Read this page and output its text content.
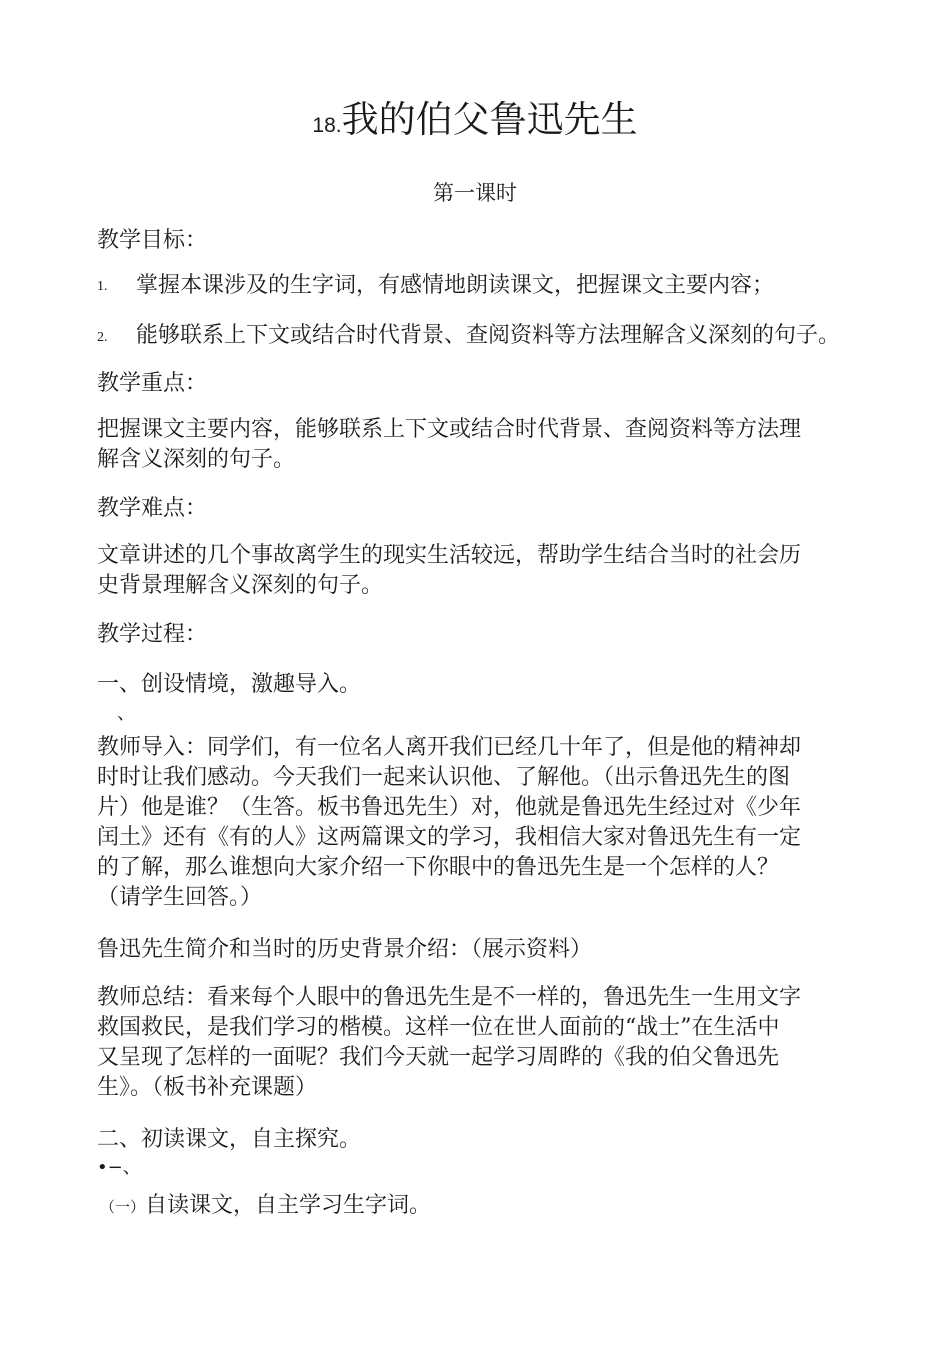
18.我的伯父鲁迅先生
第一课时
教学目标：
1. 掌握本课涉及的生字词，有感情地朗读课文，把握课文主要内容；
2. 能够联系上下文或结合时代背景、查阅资料等方法理解含义深刻的句子。
教学重点：
把握课文主要内容，能够联系上下文或结合时代背景、查阅资料等方法理
解含义深刻的句子。
教学难点：
文章讲述的几个事故离学生的现实生活较远，帮助学生结合当时的社会历
史背景理解含义深刻的句子。
教学过程：
一、创设情境，激趣导入。
、
教师导入：同学们，有一位名人离开我们已经几十年了，但是他的精神却
时时让我们感动。今天我们一起来认识他、了解他。（出示鲁迅先生的图
片）他是谁？（生答。板书鲁迅先生）对，他就是鲁迅先生经过对《少年
闰土》还有《有的人》这两篇课文的学习，我相信大家对鲁迅先生有一定
的了解，那么谁想向大家介绍一下你眼中的鲁迅先生是一个怎样的人？
（请学生回答。）
鲁迅先生简介和当时的历史背景介绍：（展示资料）
教师总结：看来每个人眼中的鲁迅先生是不一样的，鲁迅先生一生用文字
救国救民，是我们学习的楷模。这样一位在世人面前的“战士”在生活中
又呈现了怎样的一面呢？我们今天就一起学习周晔的《我的伯父鲁迅先
生》。（板书补充课题）
二、初读课文，自主探究。
•−、
（一）自读课文，自主学习生字词。
